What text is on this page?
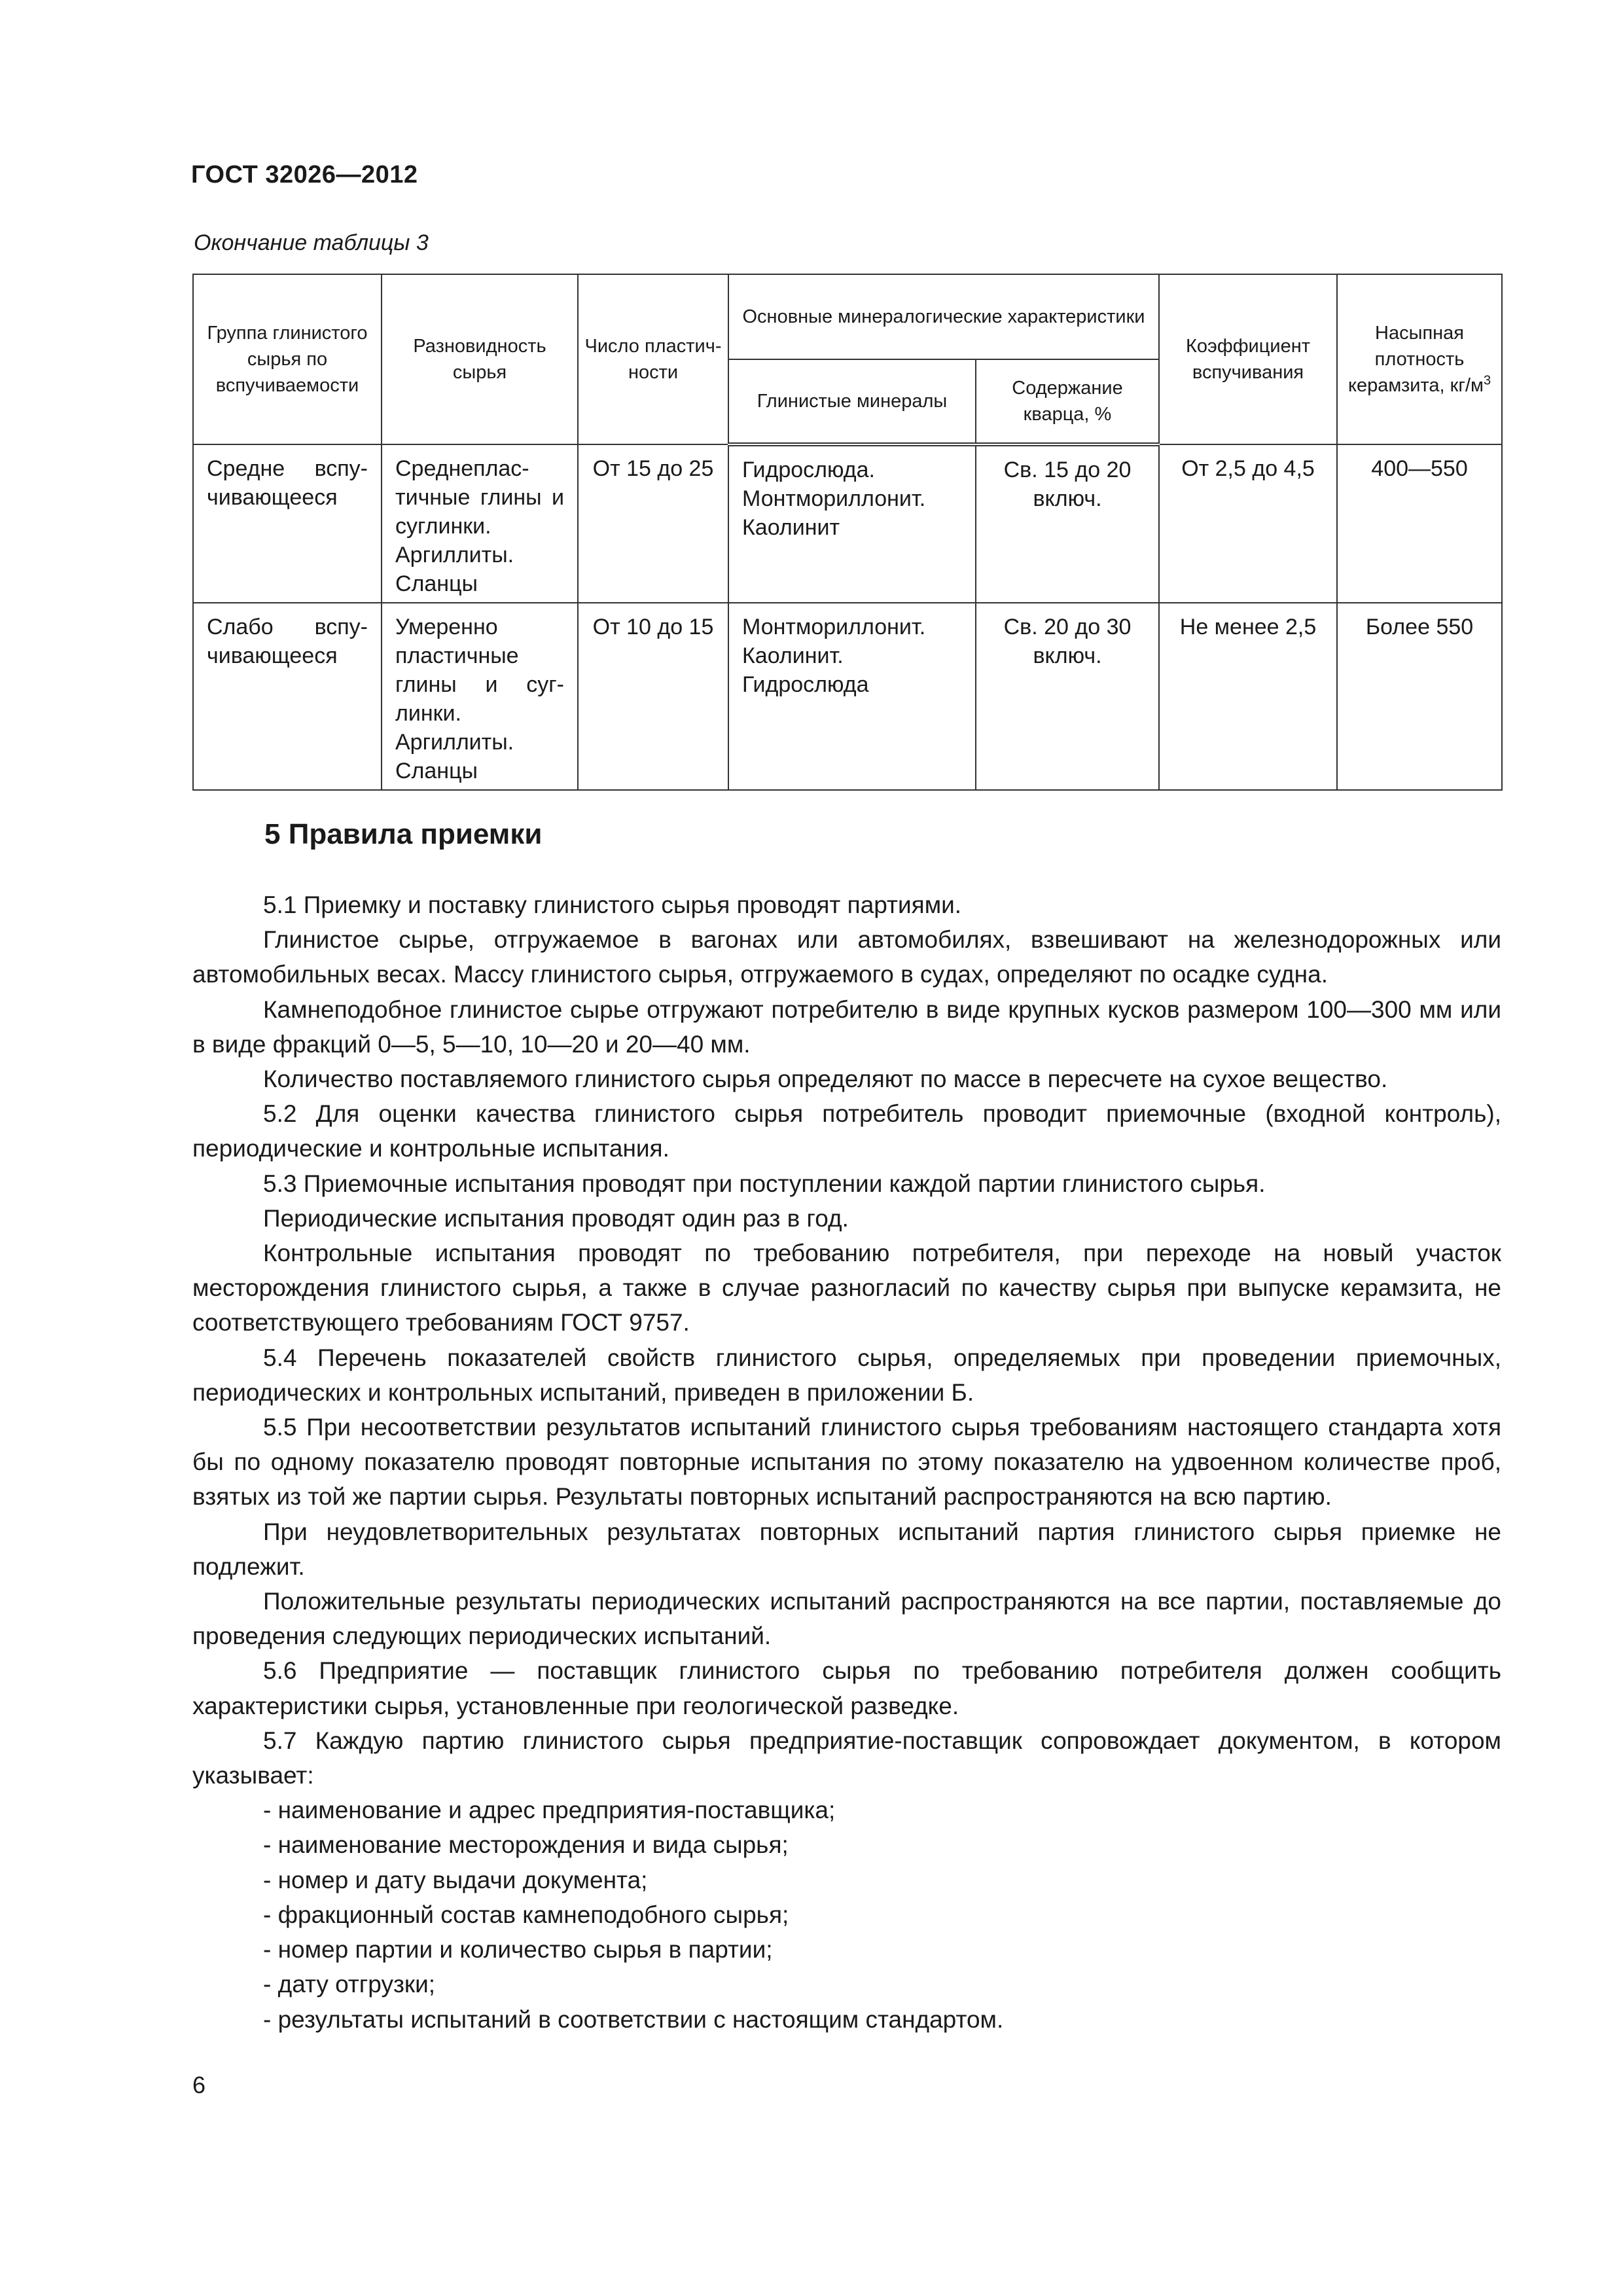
ГОСТ 32026—2012
Окончание таблицы 3
Группа глинистого сырья по вспучиваемости	Разновидность сырья	Число пластич- ности	Основные минералогические характеристики		Коэффициент вспучивания	Насыпная плотность керамзита, $кг/м^3$
			Глинистые минералы	Содержание кварца, %		
Средне вспу- чивающееся	Среднеплас- тичные глины и суглинки. Аргиллиты. Сланцы	От 15 до 25	Гидрослюда. Монтмориллонит. Каолинит	Св. 15 до 20 включ.	От 2,5 до 4,5	400—550
Слабо вспу- чивающееся	Умеренно пластичные глины и суг- линки. Аргиллиты. Сланцы	От 10 до 15	Монтмориллонит. Каолинит. Гидрослюда	Св. 20 до 30 включ.	Не менее 2,5	Более 550
5 Правила приемки

5.1 Приемку и поставку глинистого сырья проводят партиями.

Глинистое сырье, отгружаемое в вагонах или автомобилях, взвешивают на железнодорожных или автомобильных весах. Массу глинистого сырья, отгружаемого в судах, определяют по осадке судна.

Камнеподобное глинистое сырье отгружают потребителю в виде крупных кусков размером 100—300 мм или в виде фракций 0—5, 5—10, 10—20 и 20—40 мм.

Количество поставляемого глинистого сырья определяют по массе в пересчете на сухое вещество.

5.2 Для оценки качества глинистого сырья потребитель проводит приемочные (входной контроль), периодические и контрольные испытания.

5.3 Приемочные испытания проводят при поступлении каждой партии глинистого сырья.

Периодические испытания проводят один раз в год.

Контрольные испытания проводят по требованию потребителя, при переходе на новый участок месторождения глинистого сырья, а также в случае разногласий по качеству сырья при выпуске керамзита, не соответствующего требованиям ГОСТ 9757.

5.4 Перечень показателей свойств глинистого сырья, определяемых при проведении приемочных, периодических и контрольных испытаний, приведен в приложении Б.

5.5 При несоответствии результатов испытаний глинистого сырья требованиям настоящего стандарта хотя бы по одному показателю проводят повторные испытания по этому показателю на удвоенном количестве проб, взятых из той же партии сырья. Результаты повторных испытаний распространяются на всю партию.

При неудовлетворительных результатах повторных испытаний партия глинистого сырья приемке не подлежит.

Положительные результаты периодических испытаний распространяются на все партии, поставляемые до проведения следующих периодических испытаний.

5.6 Предприятие — поставщик глинистого сырья по требованию потребителя должен сообщить характеристики сырья, установленные при геологической разведке.

5.7 Каждую партию глинистого сырья предприятие-поставщик сопровождает документом, в котором указывает:

- наименование и адрес предприятия-поставщика;

- наименование месторождения и вида сырья;

- номер и дату выдачи документа;

- фракционный состав камнеподобного сырья;

- номер партии и количество сырья в партии;

- дату отгрузки;

- результаты испытаний в соответствии с настоящим стандартом.

6
